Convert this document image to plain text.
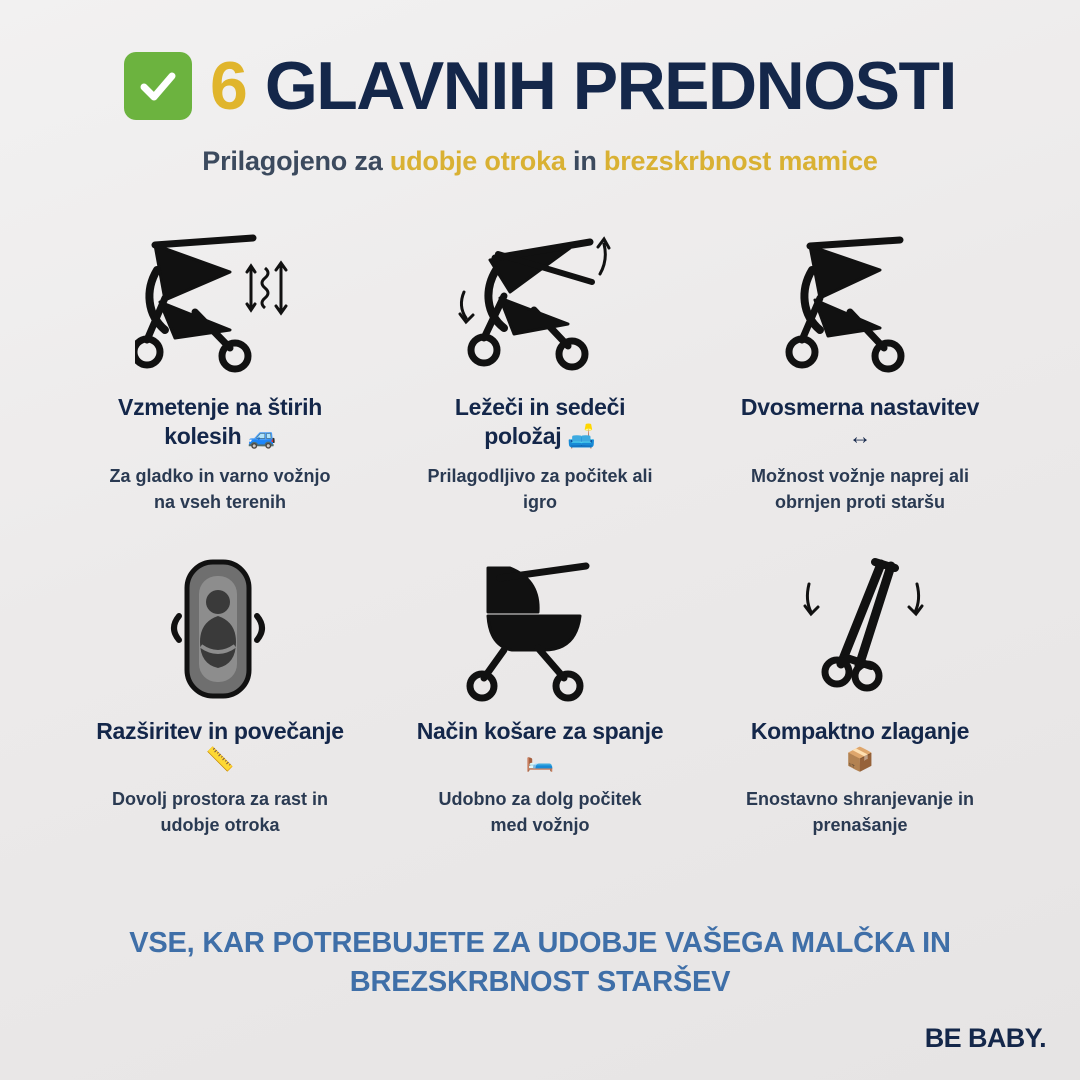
6 GLAVNIH PREDNOSTI
Prilagojeno za udobje otroka in brezskrbnost mamice
Vzmetenje na štirih kolesih 🚙
Za gladko in varno vožnjo na vseh terenih
Ležeči in sedeči položaj 🛋️
Prilagodljivo za počitek ali igro
Dvosmerna nastavitev ↔
Možnost vožnje naprej ali obrnjen proti staršu
Razširitev in povečanje 📏
Dovolj prostora za rast in udobje otroka
Način košare za spanje 🛏️
Udobno za dolg počitek med vožnjo
Kompaktno zlaganje 📦
Enostavno shranjevanje in prenašanje
VSE, KAR POTREBUJETE ZA UDOBJE VAŠEGA MALČKA IN
BREZSKRBNOST STARŠEV
BE BABY.
